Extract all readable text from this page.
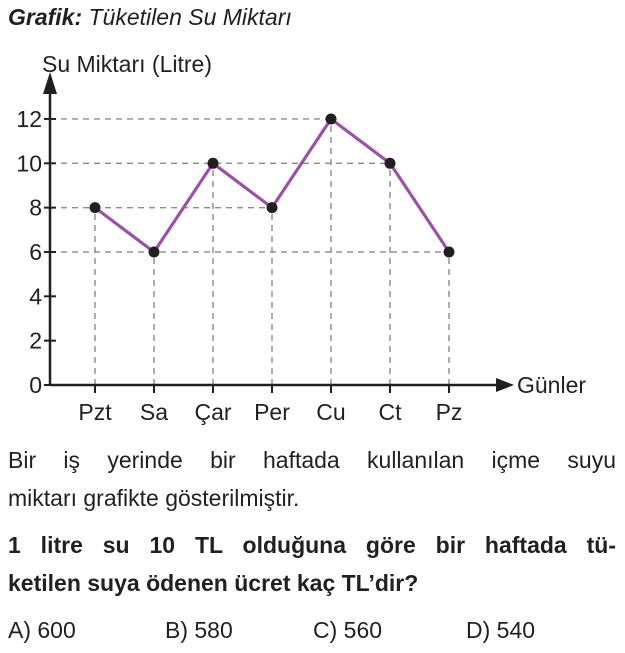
Grafik: Tüketilen Su Miktarı
Su Miktarı (Litre)
Günler
0
2
4
6
8
10
12
Pzt Sa Çar Per Cu Ct Pz
Bir iş yerinde bir haftada kullanılan içme suyu
miktarı grafikte gösterilmiştir.
1 litre su 10 TL olduğuna göre bir haftada tü-
ketilen suya ödenen ücret kaç TL’dir?
A) 600	B) 580	C) 560	D) 540
